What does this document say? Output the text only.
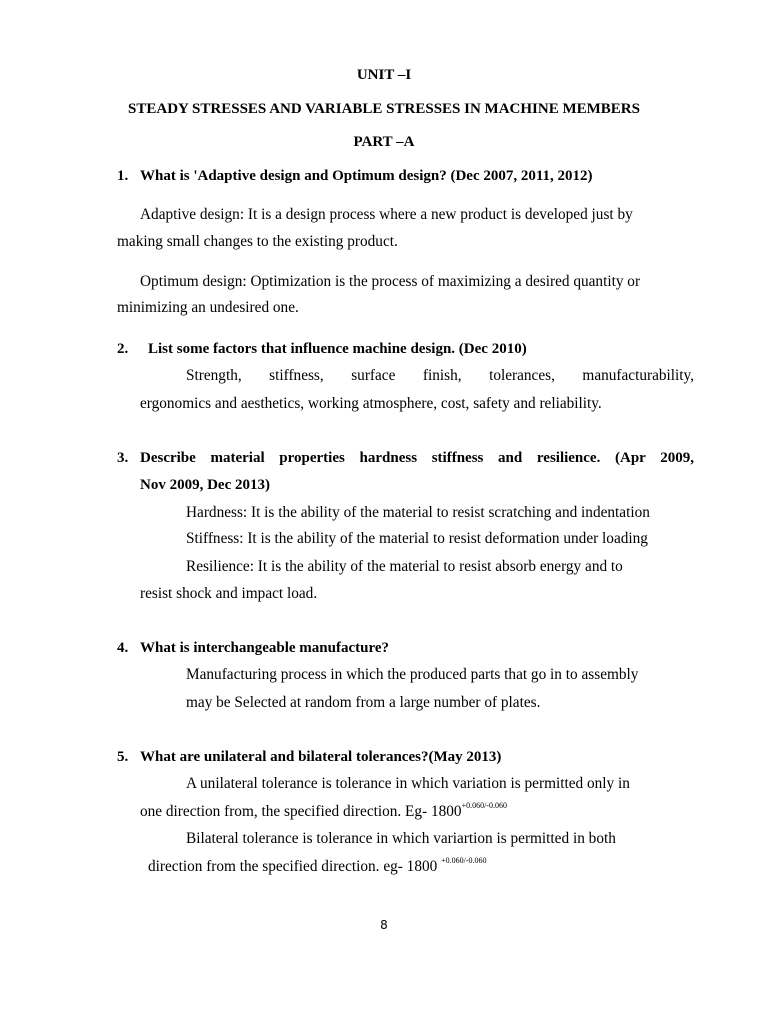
UNIT –I
STEADY STRESSES AND VARIABLE STRESSES IN MACHINE MEMBERS
PART –A
1. What is 'Adaptive design and Optimum design? (Dec 2007, 2011, 2012)
Adaptive design: It is a design process where a new product is developed just by
making small changes to the existing product.
Optimum design: Optimization is the process of maximizing a desired quantity or
minimizing an undesired one.
2. List some factors that influence machine design. (Dec 2010)
Strength, stiffness, surface finish, tolerances, manufacturability,
ergonomics and aesthetics, working atmosphere, cost, safety and reliability.
3. Describe material properties hardness stiffness and resilience. (Apr 2009,
Nov 2009, Dec 2013)
Hardness: It is the ability of the material to resist scratching and indentation
Stiffness: It is the ability of the material to resist deformation under loading
Resilience: It is the ability of the material to resist absorb energy and to
resist shock and impact load.
4. What is interchangeable manufacture?
Manufacturing process in which the produced parts that go in to assembly
may be Selected at random from a large number of plates.
5. What are unilateral and bilateral tolerances?(May 2013)
A unilateral tolerance is tolerance in which variation is permitted only in
one direction from, the specified direction. Eg- $1800^{+0.060/-0.060}$
Bilateral tolerance is tolerance in which variartion is permitted in both
direction from the specified direction. eg- 1800 $^{+0.060/-0.060}$
8
